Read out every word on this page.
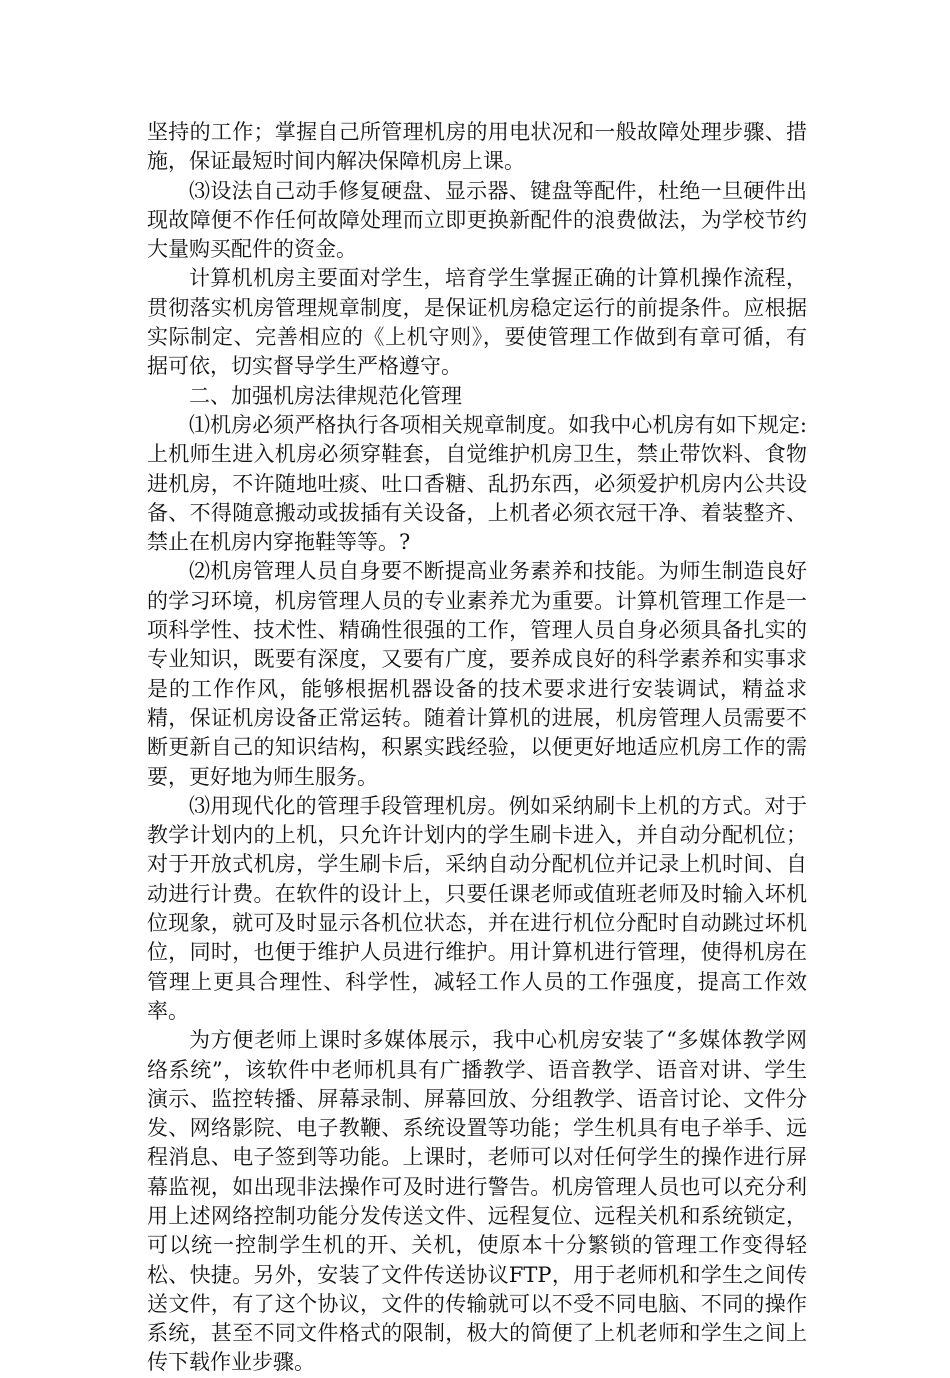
坚持的工作；掌握自己所管理机房的用电状况和一般故障处理步骤、措施，保证最短时间内解决保障机房上课。

⑶设法自己动手修复硬盘、显示器、键盘等配件，杜绝一旦硬件出现故障便不作任何故障处理而立即更换新配件的浪费做法，为学校节约大量购买配件的资金。

计算机机房主要面对学生，培育学生掌握正确的计算机操作流程，贯彻落实机房管理规章制度，是保证机房稳定运行的前提条件。应根据实际制定、完善相应的《上机守则》，要使管理工作做到有章可循，有据可依，切实督导学生严格遵守。

二、加强机房法律规范化管理

⑴机房必须严格执行各项相关规章制度。如我中心机房有如下规定:上机师生进入机房必须穿鞋套，自觉维护机房卫生，禁止带饮料、食物进机房，不许随地吐痰、吐口香糖、乱扔东西，必须爱护机房内公共设备、不得随意搬动或拔插有关设备，上机者必须衣冠干净、着装整齐、禁止在机房内穿拖鞋等等。?

⑵机房管理人员自身要不断提高业务素养和技能。为师生制造良好的学习环境，机房管理人员的专业素养尤为重要。计算机管理工作是一项科学性、技术性、精确性很强的工作，管理人员自身必须具备扎实的专业知识，既要有深度，又要有广度，要养成良好的科学素养和实事求是的工作作风，能够根据机器设备的技术要求进行安装调试，精益求精，保证机房设备正常运转。随着计算机的进展，机房管理人员需要不断更新自己的知识结构，积累实践经验，以便更好地适应机房工作的需要，更好地为师生服务。

⑶用现代化的管理手段管理机房。例如采纳刷卡上机的方式。对于教学计划内的上机，只允许计划内的学生刷卡进入，并自动分配机位；对于开放式机房，学生刷卡后，采纳自动分配机位并记录上机时间、自动进行计费。在软件的设计上，只要任课老师或值班老师及时输入坏机位现象，就可及时显示各机位状态，并在进行机位分配时自动跳过坏机位，同时，也便于维护人员进行维护。用计算机进行管理，使得机房在管理上更具合理性、科学性，减轻工作人员的工作强度，提高工作效率。

为方便老师上课时多媒体展示，我中心机房安装了“多媒体教学网络系统”，该软件中老师机具有广播教学、语音教学、语音对讲、学生演示、监控转播、屏幕录制、屏幕回放、分组教学、语音讨论、文件分发、网络影院、电子教鞭、系统设置等功能；学生机具有电子举手、远程消息、电子签到等功能。上课时，老师可以对任何学生的操作进行屏幕监视，如出现非法操作可及时进行警告。机房管理人员也可以充分利用上述网络控制功能分发传送文件、远程复位、远程关机和系统锁定，可以统一控制学生机的开、关机，使原本十分繁锁的管理工作变得轻松、快捷。另外，安装了文件传送协议FTP，用于老师机和学生之间传送文件，有了这个协议，文件的传输就可以不受不同电脑、不同的操作系统，甚至不同文件格式的限制，极大的简便了上机老师和学生之间上传下载作业步骤。
